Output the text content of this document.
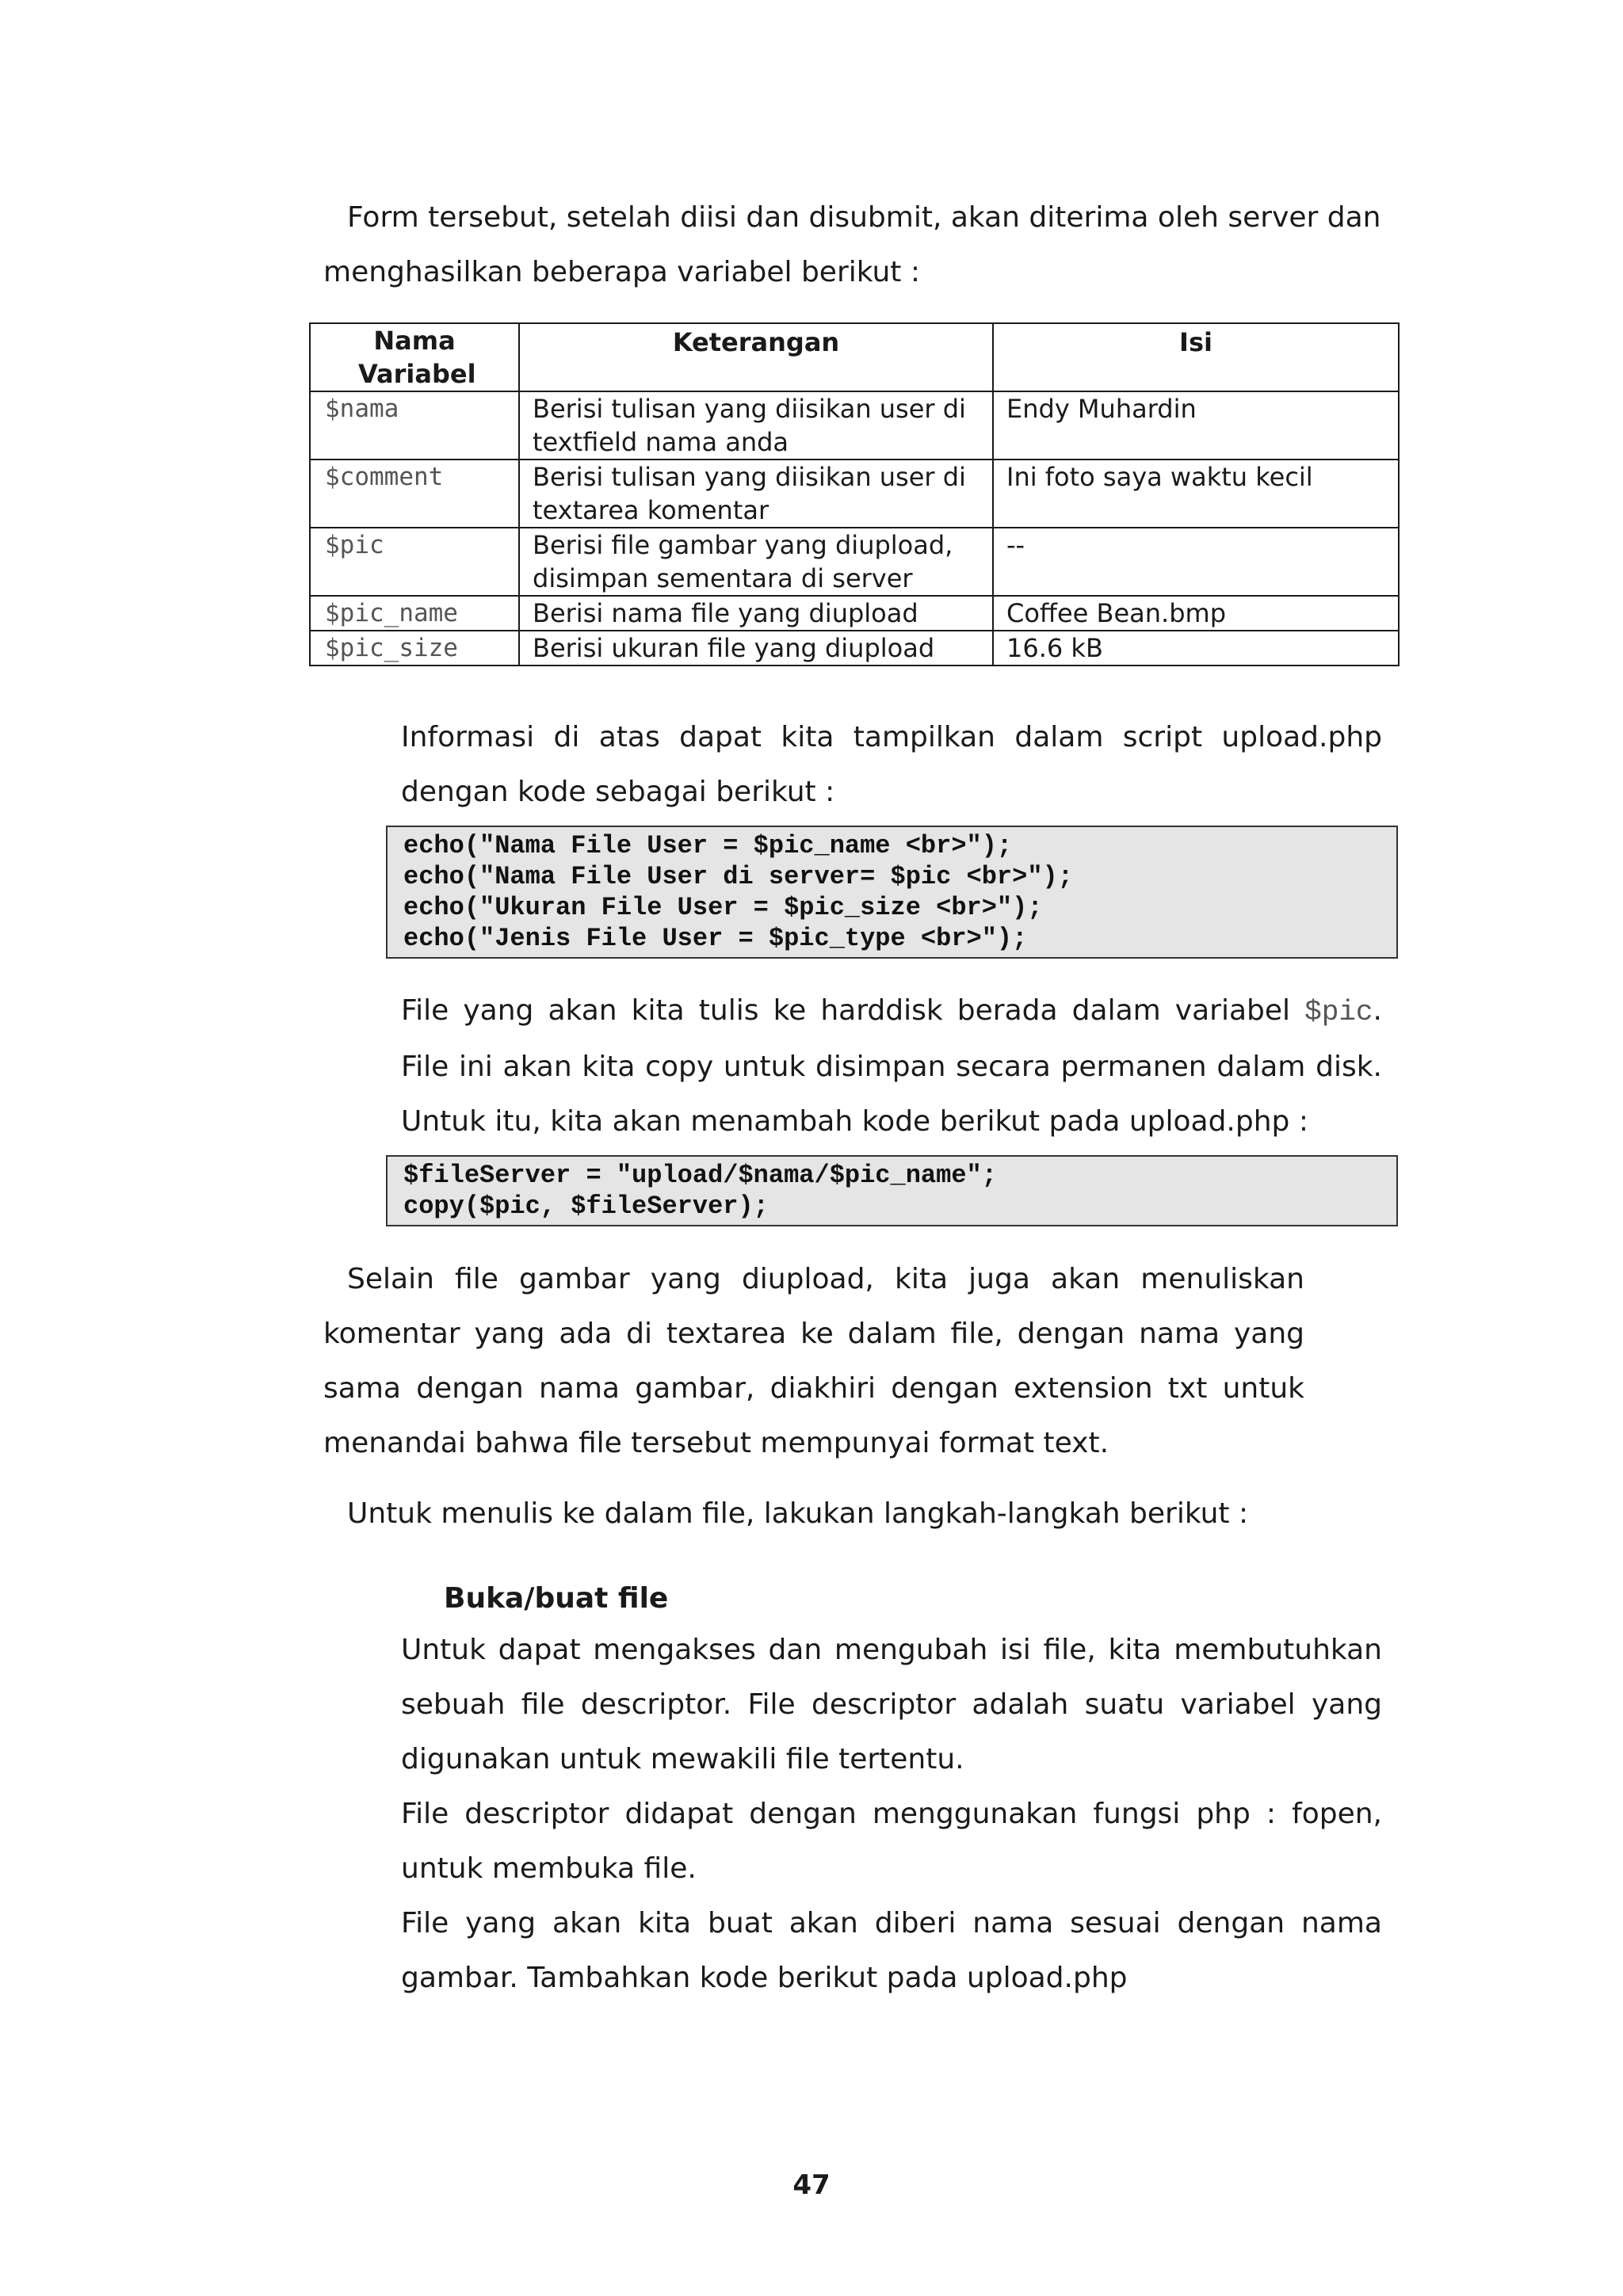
Form tersebut, setelah diisi dan disubmit, akan diterima oleh server dan

menghasilkan beberapa variabel berikut :

Nama Variabel	Keterangan	Isi
$nama	Berisi tulisan yang diisikan user di textfield nama anda	Endy Muhardin
$comment	Berisi tulisan yang diisikan user di textarea komentar	Ini foto saya waktu kecil
$pic	Berisi file gambar yang diupload, disimpan sementara di server	--
$pic_name	Berisi nama file yang diupload	Coffee Bean.bmp
$pic_size	Berisi ukuran file yang diupload	16.6 kB

Informasi di atas dapat kita tampilkan dalam script upload.php dengan kode sebagai berikut :

echo("Nama File User = $pic_name <br>");
echo("Nama File User di server= $pic <br>");
echo("Ukuran File User = $pic_size <br>");
echo("Jenis File User = $pic_type <br>");

File yang akan kita tulis ke harddisk berada dalam variabel $pic. File ini akan kita copy untuk disimpan secara permanen dalam disk. Untuk itu, kita akan menambah kode berikut pada upload.php :

$fileServer = "upload/$nama/$pic_name";
copy($pic, $fileServer);

Selain file gambar yang diupload, kita juga akan menuliskan komentar yang ada di textarea ke dalam file, dengan nama yang sama dengan nama gambar, diakhiri dengan extension txt untuk menandai bahwa file tersebut mempunyai format text.

Untuk menulis ke dalam file, lakukan langkah-langkah berikut :

Buka/buat file

Untuk dapat mengakses dan mengubah isi file, kita membutuhkan sebuah file descriptor. File descriptor adalah suatu variabel yang digunakan untuk mewakili file tertentu.

File descriptor didapat dengan menggunakan fungsi php : fopen, untuk membuka file.

File yang akan kita buat akan diberi nama sesuai dengan nama gambar. Tambahkan kode berikut pada upload.php

47
